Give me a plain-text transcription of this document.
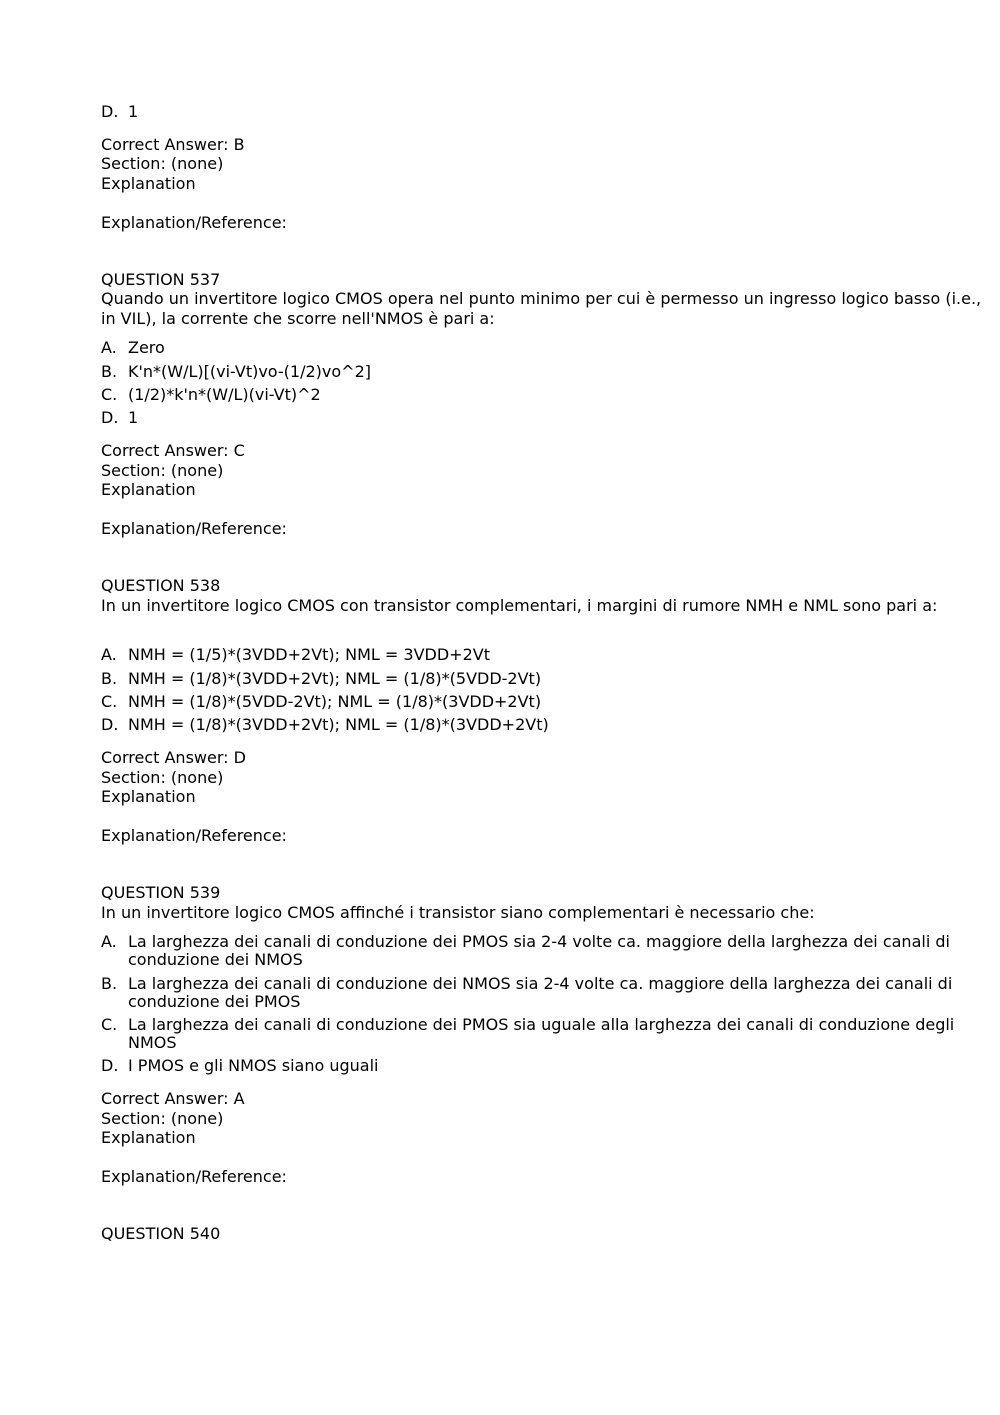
D. 1
Correct Answer: B
Section: (none)
Explanation
Explanation/Reference:
QUESTION 537
Quando un invertitore logico CMOS opera nel punto minimo per cui è permesso un ingresso logico basso (i.e., in VIL), la corrente che scorre nell'NMOS è pari a:
A. Zero
B. K'n*(W/L)[(vi-Vt)vo-(1/2)vo^2]
C. (1/2)*k'n*(W/L)(vi-Vt)^2
D. 1
Correct Answer: C
Section: (none)
Explanation
Explanation/Reference:
QUESTION 538
In un invertitore logico CMOS con transistor complementari, i margini di rumore NMH e NML sono pari a:
A. NMH = (1/5)*(3VDD+2Vt); NML = 3VDD+2Vt
B. NMH = (1/8)*(3VDD+2Vt); NML = (1/8)*(5VDD-2Vt)
C. NMH = (1/8)*(5VDD-2Vt); NML = (1/8)*(3VDD+2Vt)
D. NMH = (1/8)*(3VDD+2Vt); NML = (1/8)*(3VDD+2Vt)
Correct Answer: D
Section: (none)
Explanation
Explanation/Reference:
QUESTION 539
In un invertitore logico CMOS affinché i transistor siano complementari è necessario che:
A. La larghezza dei canali di conduzione dei PMOS sia 2-4 volte ca. maggiore della larghezza dei canali di conduzione dei NMOS
B. La larghezza dei canali di conduzione dei NMOS sia 2-4 volte ca. maggiore della larghezza dei canali di conduzione dei PMOS
C. La larghezza dei canali di conduzione dei PMOS sia uguale alla larghezza dei canali di conduzione degli NMOS
D. I PMOS e gli NMOS siano uguali
Correct Answer: A
Section: (none)
Explanation
Explanation/Reference:
QUESTION 540
